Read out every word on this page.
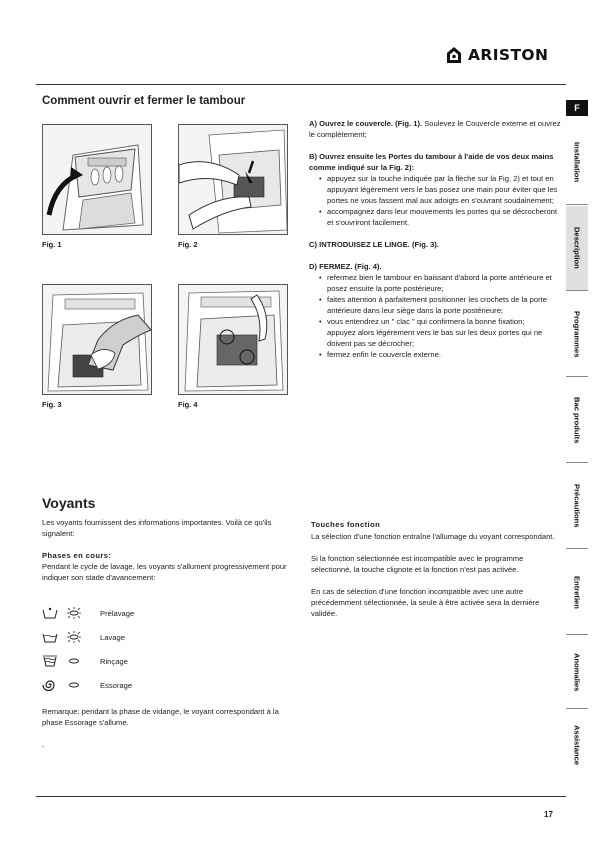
ARISTON
Comment ouvrir et fermer le tambour
Fig. 1	Fig. 2
Fig. 3	Fig. 4
A) Ouvrez le couvercle. (Fig. 1). Soulevez le Couvercle externe et ouvrez le complètement;
B) Ouvrez ensuite les Portes du tambour à l'aide de vos deux mains comme indiqué sur la Fig. 2):
• appuyez sur la touche indiquée par la flèche sur la Fig. 2) et tout en appuyant légèrement vers le bas posez une main pour éviter que les portes ne vous fassent mal aux adoigts en s'ouvrant soudainement;
• accompagnez dans leur mouvements les portes qui se décrocheront et s'ouvriront facilement.
C) INTRODUISEZ LE LINGE. (Fig. 3).
D) FERMEZ. (Fig. 4).
• refermez bien le tambour en baissant d'abord la porte antérieure et posez ensuite la porte postérieure;
• faites attention à parfaitement positionner les crochets de la porte antérieure dans leur siège dans la porte postérieure;
• vous entendrez un " clac " qui confirmera la bonne fixation;
appuyez alors légèrement vers le bas sur les deux portes qui ne doivent pas se décrocher;
• fermez enfin le couvercle externe.
Voyants
Les voyants fournissent des informations importantes. Voilà ce qu'ils signalent:
Phases en cours:
Pendant le cycle de lavage, les voyants s'allument progressivement pour indiquer son stade d'avancement:
Prélavage
Lavage
Rinçage
Essorage
Remarque: pendant la phase de vidange, le voyant correspondant à la phase Essorage s'allume.
.
Touches fonction

La sélection d'une fonction entraîne l'allumage du voyant correspondant.

Si la fonction sélectionnée est incompatible avec le programme sélectionné, la touche clignote et la fonction n'est pas activée.

En cas de sélection d'une fonction incompatible avec une autre précédemment sélectionnée, la seule à être activée sera la dernière validée.

F
Installation
Description
Programmes
Bac produits
Précautions
Entretien
Anomalies
Assistance
17
